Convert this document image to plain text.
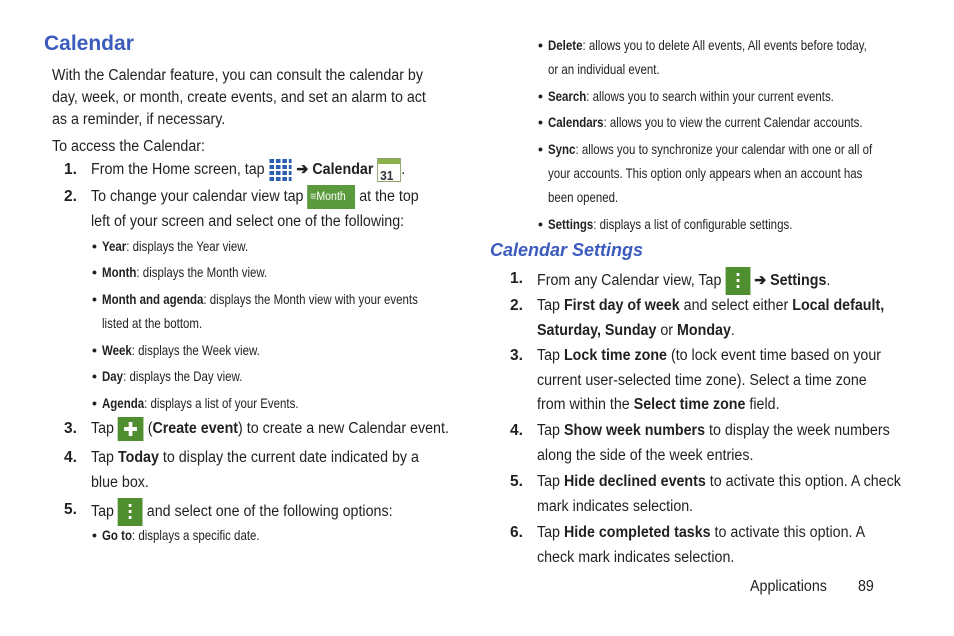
Calendar
With the Calendar feature, you can consult the calendar by
day, week, or month, create events, and set an alarm to act
as a reminder, if necessary.
To access the Calendar:
1. From the Home screen, tap ➔ Calendar 31 .
2. To change your calendar view tap ≡Month at the top
left of your screen and select one of the following:
• Year: displays the Year view.
• Month: displays the Month view.
• Month and agenda: displays the Month view with your events
listed at the bottom.
• Week: displays the Week view.
• Day: displays the Day view.
• Agenda: displays a list of your Events.
3. Tap (Create event) to create a new Calendar event.
4. Tap Today to display the current date indicated by a
blue box.
5. Tap and select one of the following options:
• Go to: displays a specific date.
• Delete: allows you to delete All events, All events before today,
or an individual event.
• Search: allows you to search within your current events.
• Calendars: allows you to view the current Calendar accounts.
• Sync: allows you to synchronize your calendar with one or all of
your accounts. This option only appears when an account has
been opened.
• Settings: displays a list of configurable settings.
Calendar Settings
1. From any Calendar view, Tap ➔ Settings.
2. Tap First day of week and select either Local default,
Saturday, Sunday or Monday.
3. Tap Lock time zone (to lock event time based on your
current user-selected time zone). Select a time zone
from within the Select time zone field.
4. Tap Show week numbers to display the week numbers
along the side of the week entries.
5. Tap Hide declined events to activate this option. A check
mark indicates selection.
6. Tap Hide completed tasks to activate this option. A
check mark indicates selection.
Applications 89
